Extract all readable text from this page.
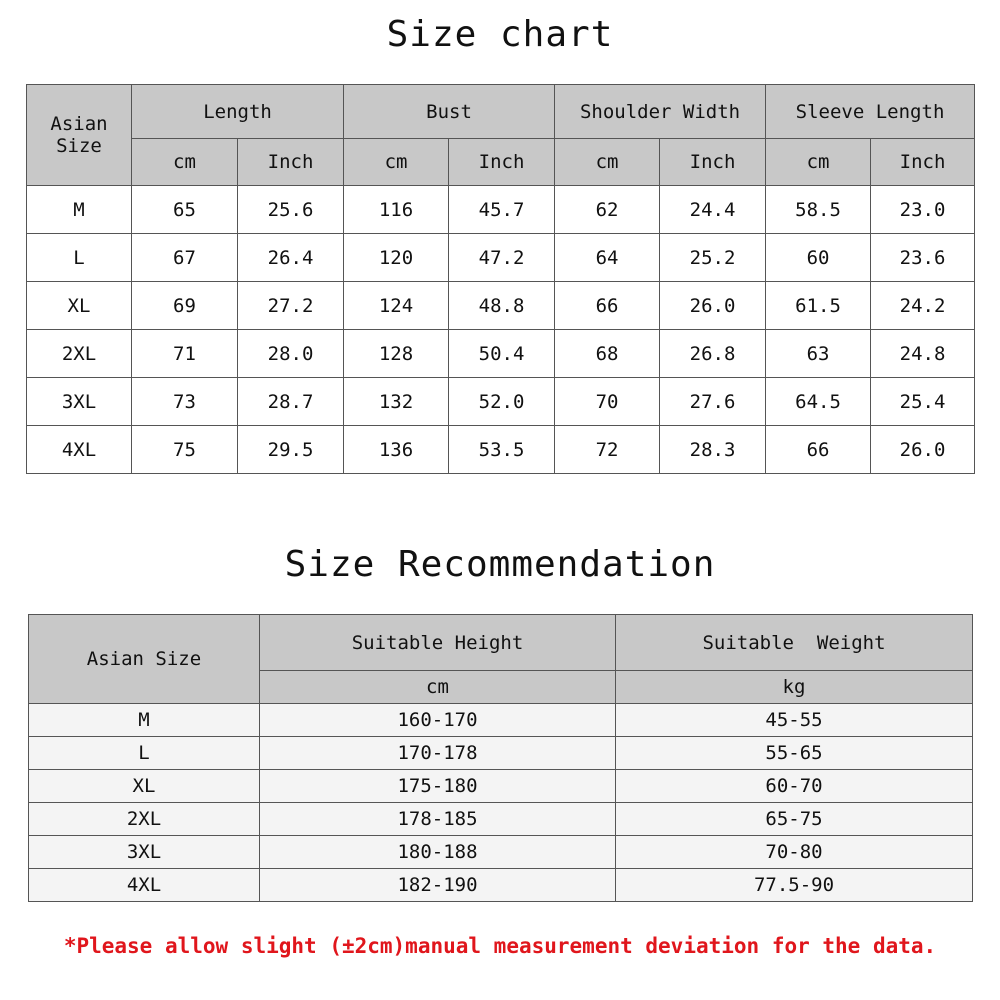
Size chart
Asian
Size	Length		Bust		Shoulder Width		Sleeve Length	
	cm	Inch	cm	Inch	cm	Inch	cm	Inch
M	65	25.6	116	45.7	62	24.4	58.5	23.0
L	67	26.4	120	47.2	64	25.2	60	23.6
XL	69	27.2	124	48.8	66	26.0	61.5	24.2
2XL	71	28.0	128	50.4	68	26.8	63	24.8
3XL	73	28.7	132	52.0	70	27.6	64.5	25.4
4XL	75	29.5	136	53.5	72	28.3	66	26.0
Size Recommendation
Asian Size	Suitable Height	Suitable  Weight
	cm	kg
M	160-170	45-55
L	170-178	55-65
XL	175-180	60-70
2XL	178-185	65-75
3XL	180-188	70-80
4XL	182-190	77.5-90
*Please allow slight (±2cm)manual measurement deviation for the data.
